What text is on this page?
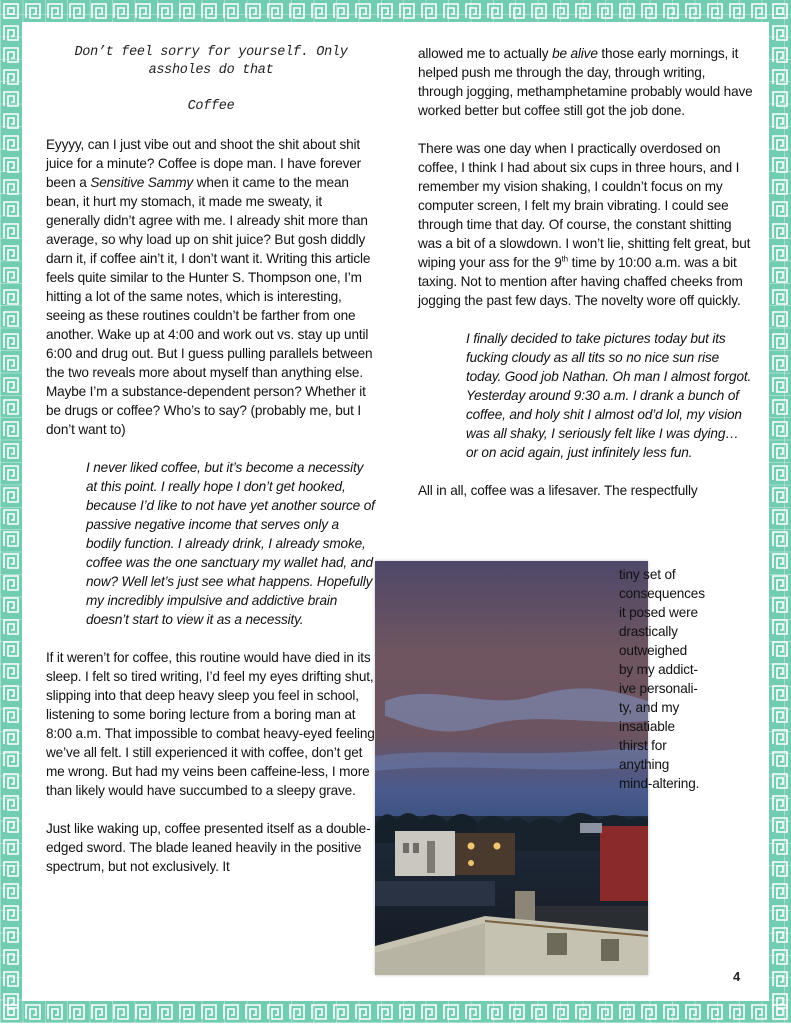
Don’t feel sorry for yourself. Only assholes do that
Coffee

Eyyyy, can I just vibe out and shoot the shit about shit juice for a minute? Coffee is dope man. I have forever been a Sensitive Sammy when it came to the mean bean, it hurt my stomach, it made me sweaty, it generally didn’t agree with me. I already shit more than average, so why load up on shit juice? But gosh diddly darn it, if coffee ain’t it, I don’t want it. Writing this article feels quite similar to the Hunter S. Thompson one, I’m hitting a lot of the same notes, which is interesting, seeing as these routines couldn’t be farther from one another. Wake up at 4:00 and work out vs. stay up until 6:00 and drug out. But I guess pulling parallels between the two reveals more about myself than anything else. Maybe I’m a substance-dependent person? Whether it be drugs or coffee? Who’s to say? (probably me, but I don’t want to)

I never liked coffee, but it’s become a necessity at this point. I really hope I don’t get hooked, because I’d like to not have yet another source of passive negative income that serves only a bodily function. I already drink, I already smoke, coffee was the one sanctuary my wallet had, and now? Well let’s just see what happens. Hopefully my incredibly impulsive and addictive brain doesn’t start to view it as a necessity.

If it weren’t for coffee, this routine would have died in its sleep. I felt so tired writing, I’d feel my eyes drifting shut, slipping into that deep heavy sleep you feel in school, listening to some boring lecture from a boring man at 8:00 a.m. That impossible to combat heavy-eyed feeling we’ve all felt. I still experienced it with coffee, don’t get me wrong. But had my veins been caffeine-less, I more than likely would have succumbed to a sleepy grave.

Just like waking up, coffee presented itself as a double-edged sword. The blade leaned heavily in the positive spectrum, but not exclusively. It

allowed me to actually be alive those early mornings, it helped push me through the day, through writing, through jogging, methamphetamine probably would have worked better but coffee still got the job done.

There was one day when I practically overdosed on coffee, I think I had about six cups in three hours, and I remember my vision shaking, I couldn’t focus on my computer screen, I felt my brain vibrating. I could see through time that day. Of course, the constant shitting was a bit of a slowdown. I won’t lie, shitting felt great, but wiping your ass for the 9th time by 10:00 a.m. was a bit taxing. Not to mention after having chaffed cheeks from jogging the past few days. The novelty wore off quickly.

I finally decided to take pictures today but its fucking cloudy as all tits so no nice sun rise today. Good job Nathan. Oh man I almost forgot. Yesterday around 9:30 a.m. I drank a bunch of coffee, and holy shit I almost od’d lol, my vision was all shaky, I seriously felt like I was dying… or on acid again, just infinitely less fun.

All in all, coffee was a lifesaver. The respectfully

tiny set of
consequences
it posed were
drastically
outweighed
by my addict-
ive personali-
ty, and my
insatiable
thirst for
anything
mind-altering.
4
